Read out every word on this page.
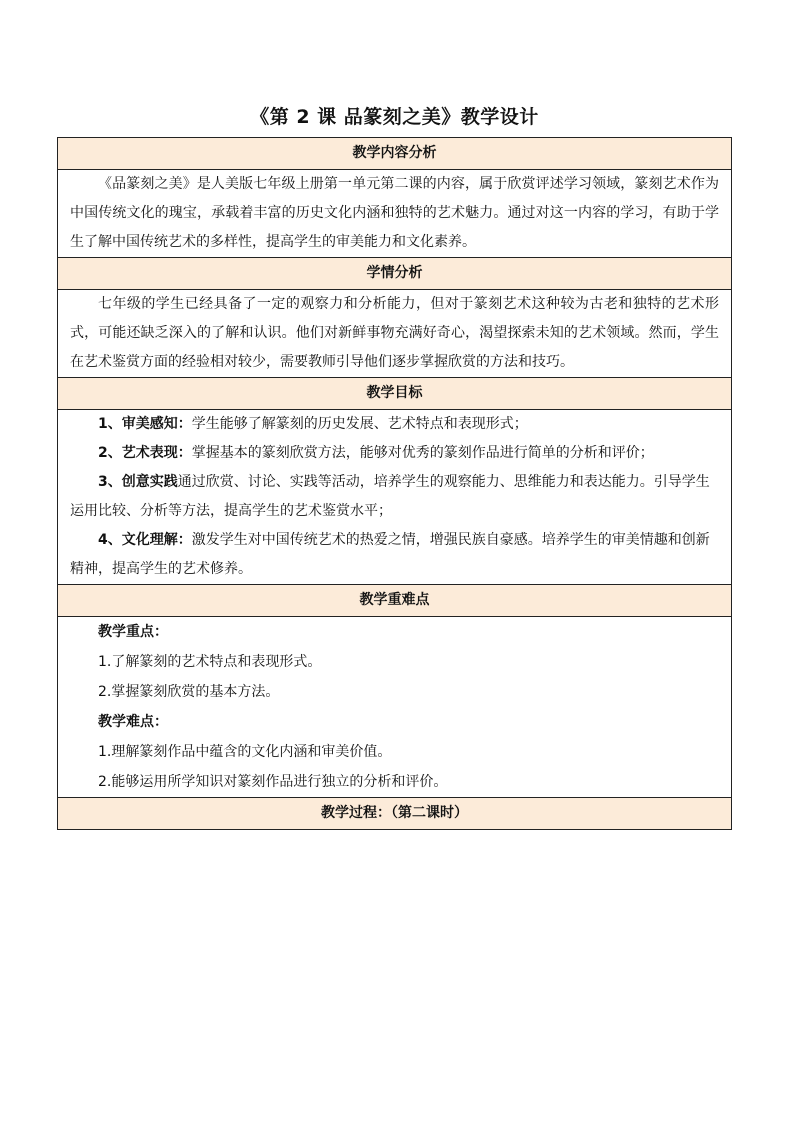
《第 2 课 品篆刻之美》教学设计
教学内容分析

《品篆刻之美》是人美版七年级上册第一单元第二课的内容，属于欣赏评述学习领域，篆刻艺术作为中国传统文化的瑰宝，承载着丰富的历史文化内涵和独特的艺术魅力。通过对这一内容的学习，有助于学生了解中国传统艺术的多样性，提高学生的审美能力和文化素养。

学情分析

七年级的学生已经具备了一定的观察力和分析能力，但对于篆刻艺术这种较为古老和独特的艺术形式，可能还缺乏深入的了解和认识。他们对新鲜事物充满好奇心，渴望探索未知的艺术领域。然而，学生在艺术鉴赏方面的经验相对较少，需要教师引导他们逐步掌握欣赏的方法和技巧。

教学目标

1、审美感知：学生能够了解篆刻的历史发展、艺术特点和表现形式；

2、艺术表现：掌握基本的篆刻欣赏方法，能够对优秀的篆刻作品进行简单的分析和评价；

3、创意实践通过欣赏、讨论、实践等活动，培养学生的观察能力、思维能力和表达能力。引导学生运用比较、分析等方法，提高学生的艺术鉴赏水平；

4、文化理解：激发学生对中国传统艺术的热爱之情，增强民族自豪感。培养学生的审美情趣和创新精神，提高学生的艺术修养。

教学重难点

教学重点：

1.了解篆刻的艺术特点和表现形式。

2.掌握篆刻欣赏的基本方法。

教学难点：

1.理解篆刻作品中蕴含的文化内涵和审美价值。

2.能够运用所学知识对篆刻作品进行独立的分析和评价。

教学过程：（第二课时）
